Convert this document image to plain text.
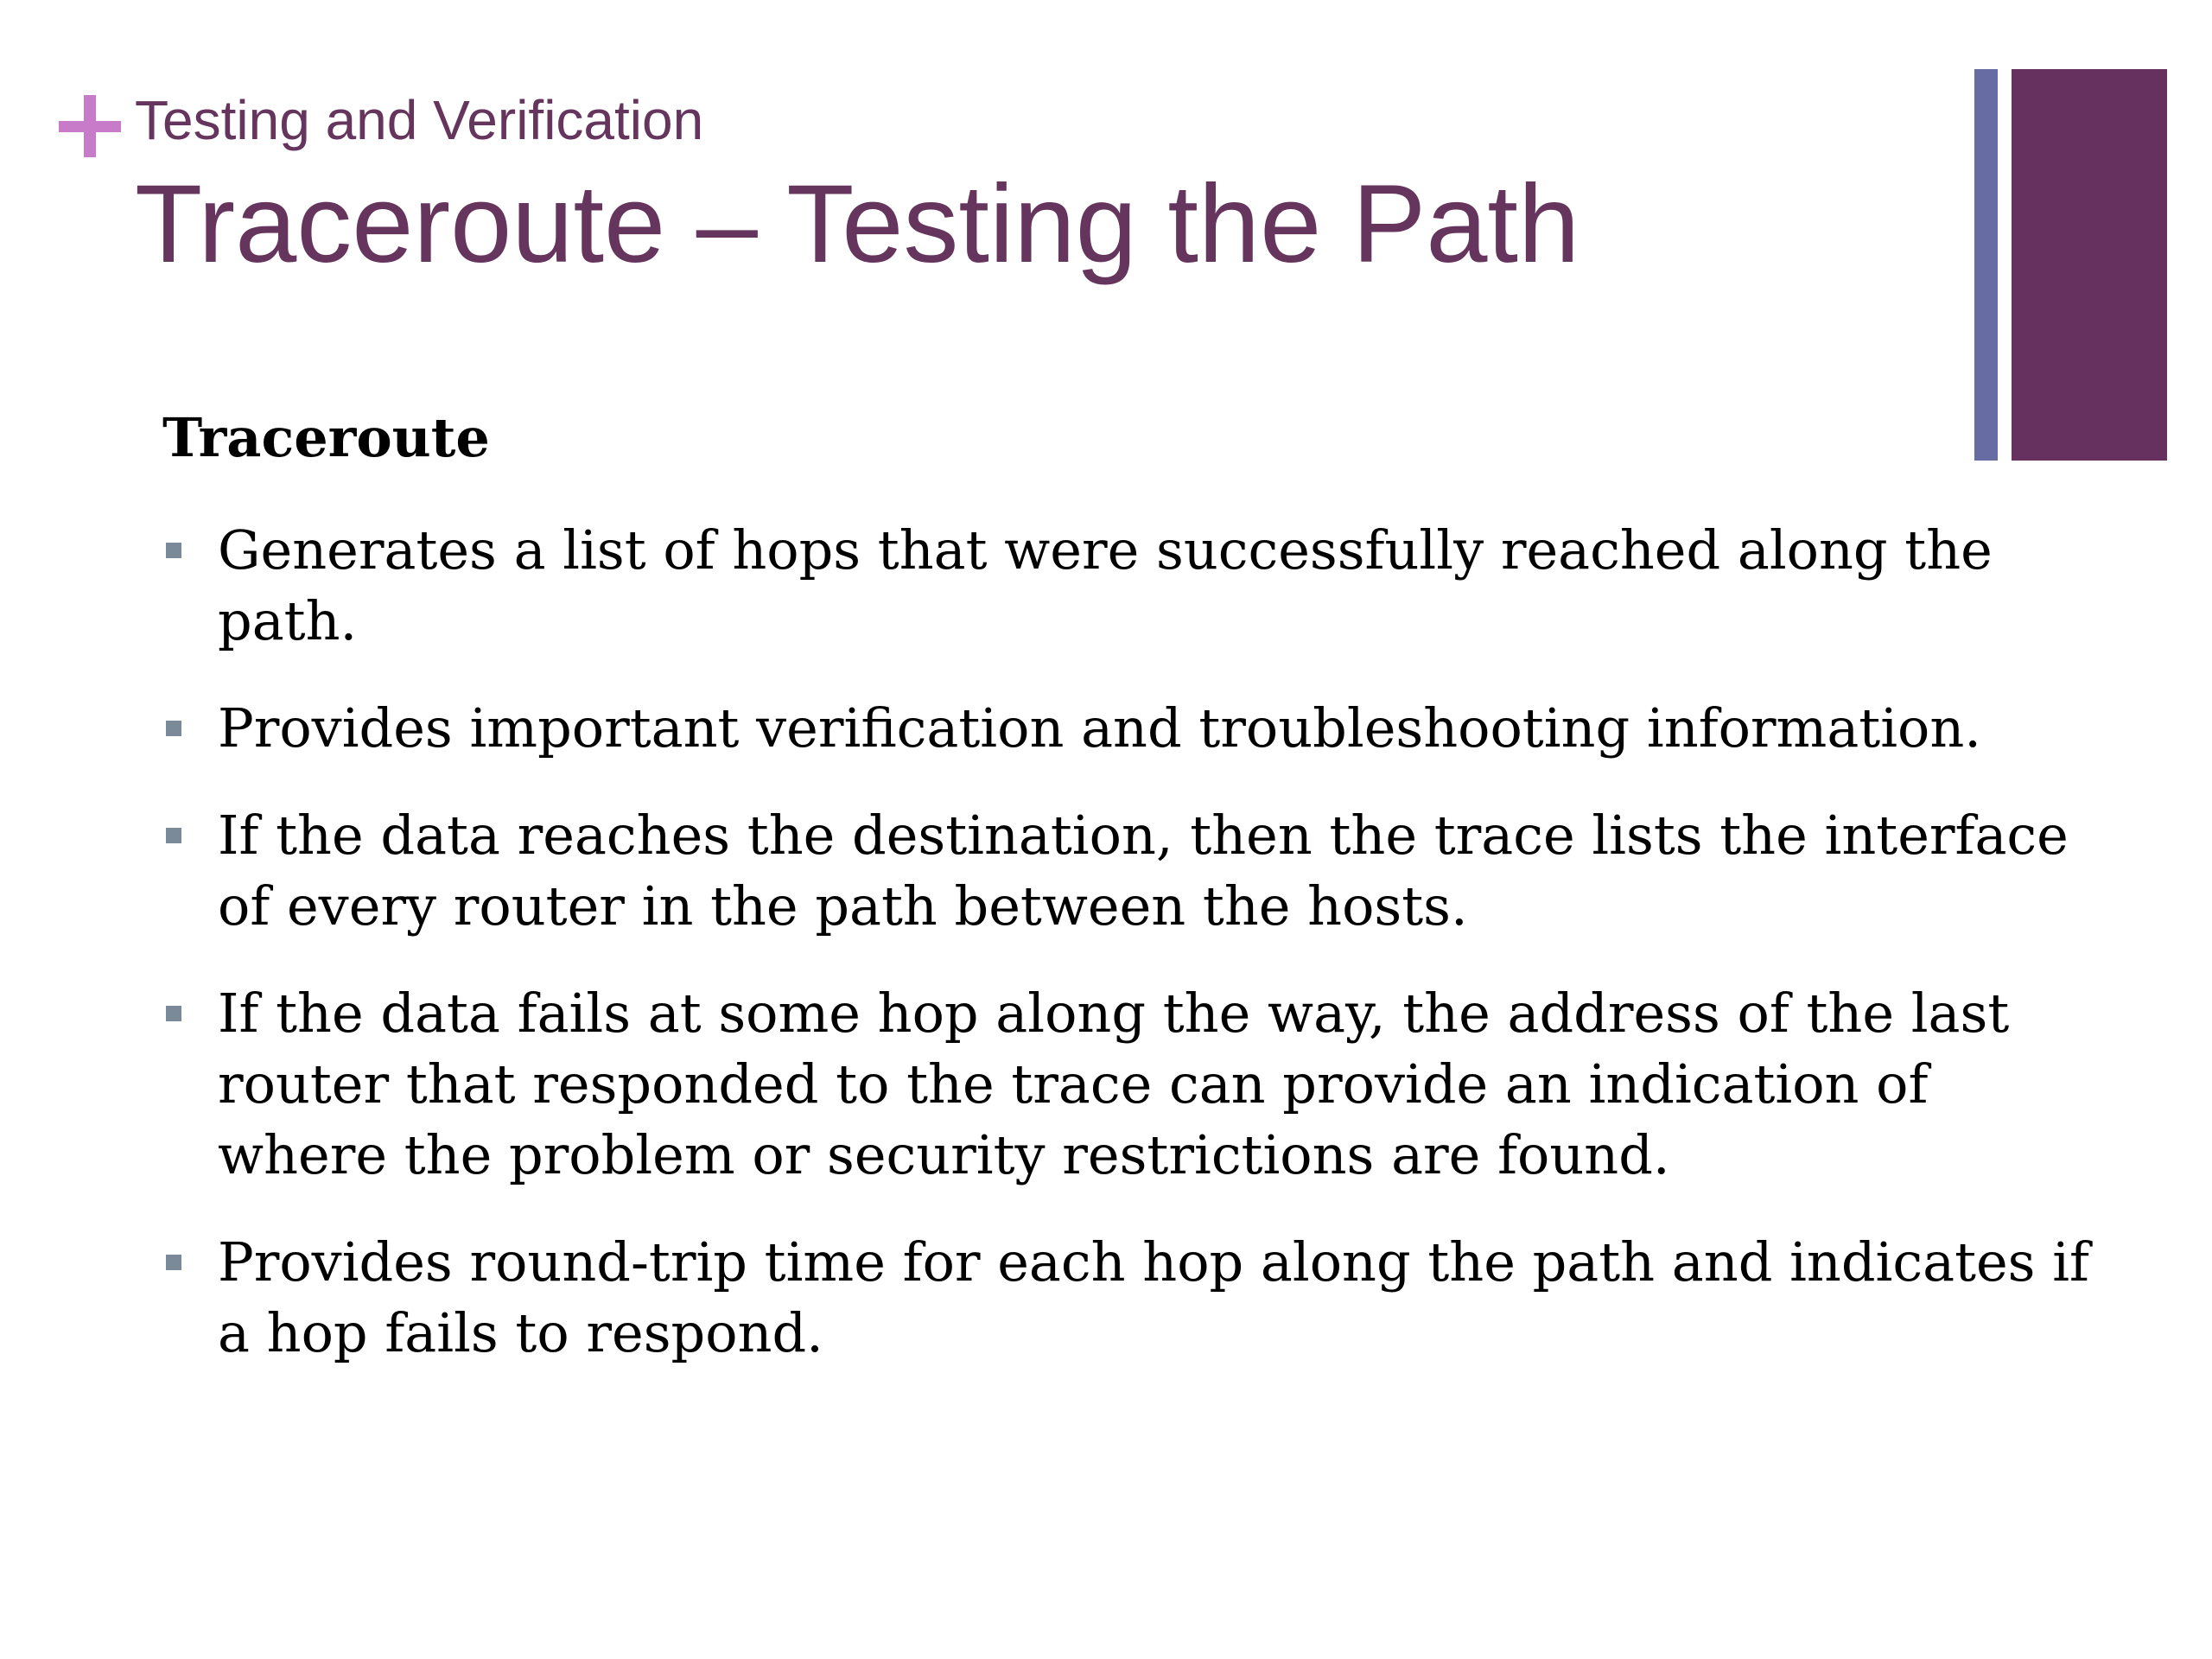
Testing and Verification
Traceroute – Testing the Path
Traceroute
Generates a list of hops that were successfully reached along the path.
Provides important verification and troubleshooting information.
If the data reaches the destination, then the trace lists the interface of every router in the path between the hosts.
If the data fails at some hop along the way, the address of the last router that responded to the trace can provide an indication of where the problem or security restrictions are found.
Provides round-trip time for each hop along the path and indicates if a hop fails to respond.
